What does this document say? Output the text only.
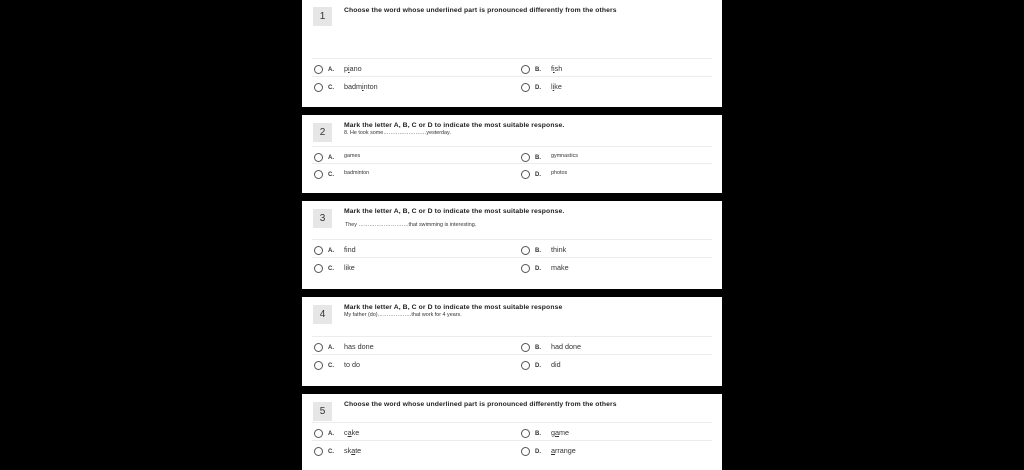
1
Choose the word whose underlined part is pronounced differently from the others
A.	piano	B.	fish
C.	badminton	D.	like
2
Mark the letter A, B, C or D to indicate the most suitable response.
8. He took some……………………yesterday.
A.	games	B.	gymnastics
C.	badminton	D.	photos
3
Mark the letter A, B, C or D to indicate the most suitable response.
They ……………………….that swimming is interesting.
A.	find	B.	think
C.	like	D.	make
4
Mark the letter A, B, C or D to indicate the most suitable response
My father (do)……………….that work for 4 years.
A.	has done	B.	had done
C.	to do	D.	did
5
Choose the word whose underlined part is pronounced differently from the others
A.	cake	B.	game
C.	skate	D.	arrange
